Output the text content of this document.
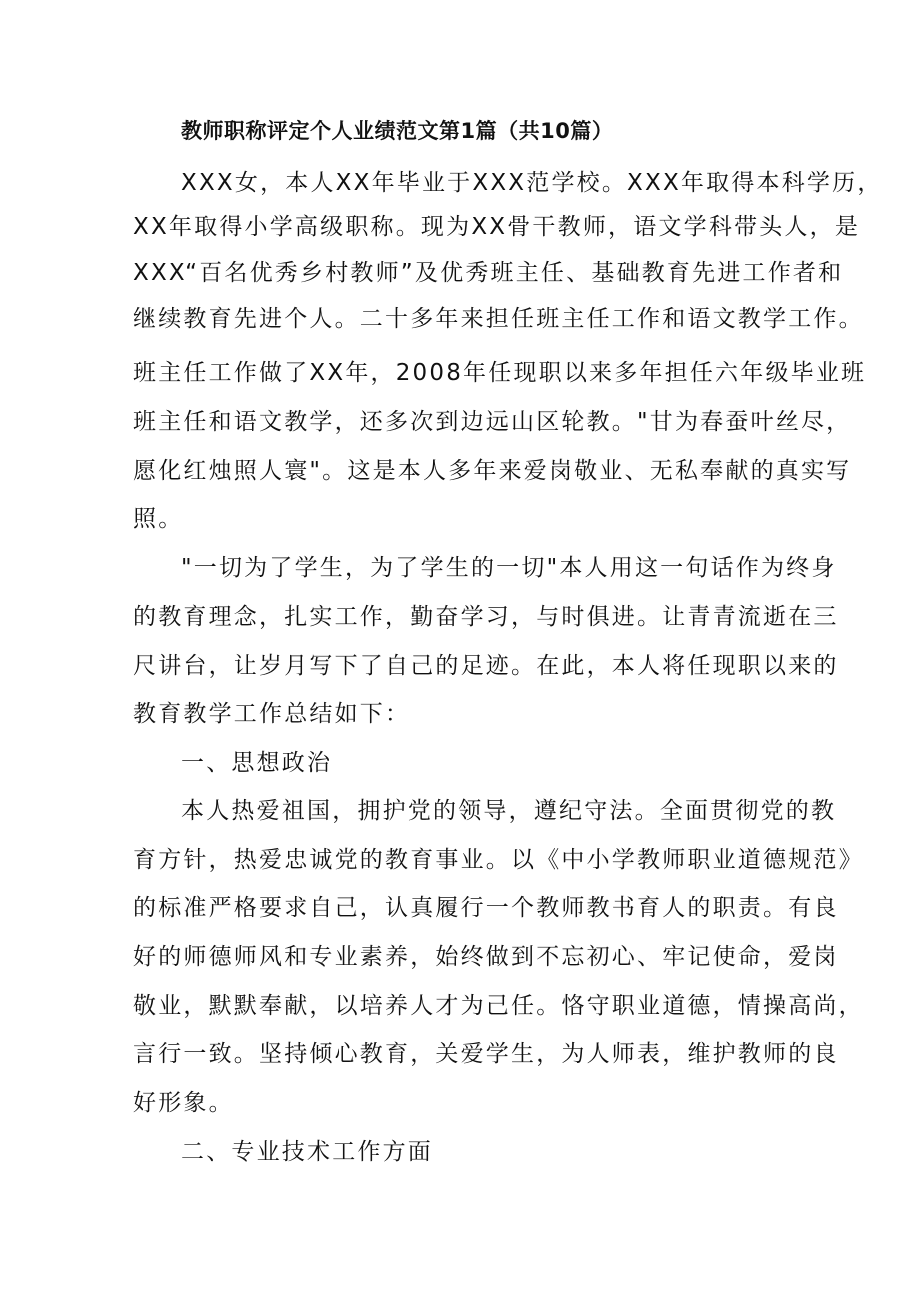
教师职称评定个人业绩范文第1篇（共10篇）
XXX女，本人XX年毕业于XXX范学校。XXX年取得本科学历，
XX年取得小学高级职称。现为XX骨干教师，语文学科带头人，是
XXX“百名优秀乡村教师”及优秀班主任、基础教育先进工作者和
继续教育先进个人。二十多年来担任班主任工作和语文教学工作。
班主任工作做了XX年，2008年任现职以来多年担任六年级毕业班
班主任和语文教学，还多次到边远山区轮教。"甘为春蚕叶丝尽，
愿化红烛照人寰"。这是本人多年来爱岗敬业、无私奉献的真实写
照。
"一切为了学生，为了学生的一切"本人用这一句话作为终身
的教育理念，扎实工作，勤奋学习，与时俱进。让青青流逝在三
尺讲台，让岁月写下了自己的足迹。在此，本人将任现职以来的
教育教学工作总结如下：
一、思想政治
本人热爱祖国，拥护党的领导，遵纪守法。全面贯彻党的教
育方针，热爱忠诚党的教育事业。以《中小学教师职业道德规范》
的标准严格要求自己，认真履行一个教师教书育人的职责。有良
好的师德师风和专业素养，始终做到不忘初心、牢记使命，爱岗
敬业，默默奉献，以培养人才为己任。恪守职业道德，情操高尚，
言行一致。坚持倾心教育，关爱学生，为人师表，维护教师的良
好形象。
二、专业技术工作方面
